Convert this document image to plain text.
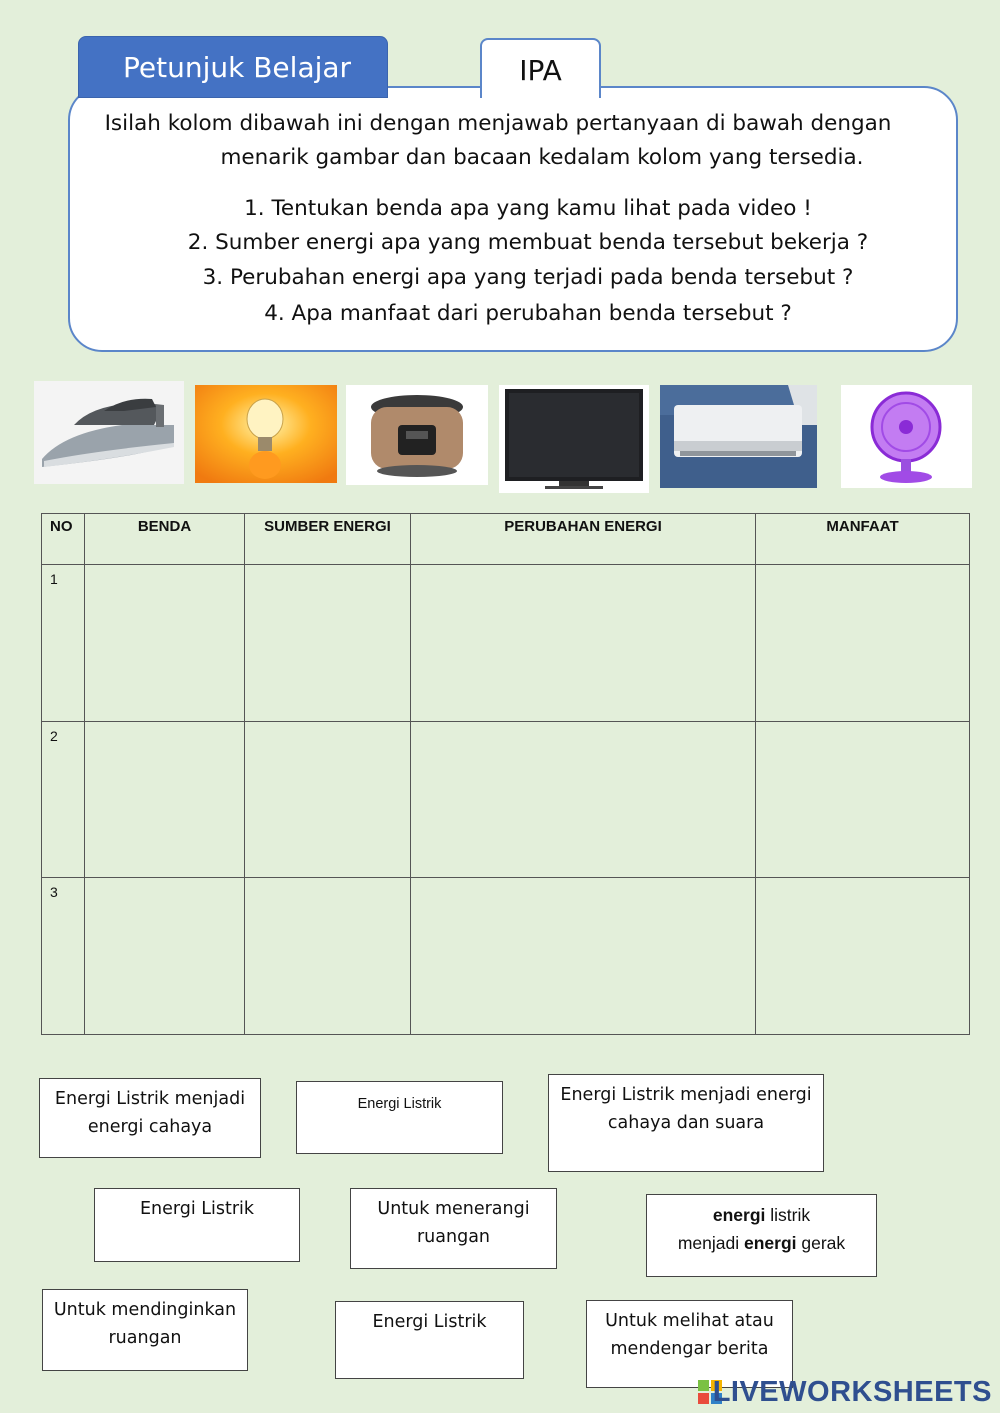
Petunjuk Belajar	IPA
Isilah kolom dibawah ini dengan menjawab pertanyaan di bawah dengan
menarik gambar dan bacaan kedalam kolom yang tersedia.
1. Tentukan benda apa yang kamu lihat pada video !
2. Sumber energi apa yang membuat benda tersebut bekerja ?
3. Perubahan energi apa yang terjadi pada benda tersebut ?
4. Apa manfaat dari perubahan benda tersebut ?
NO	BENDA	SUMBER ENERGI	PERUBAHAN ENERGI	MANFAAT
1				
2				
3				
Energi Listrik menjadi
energi cahaya
Energi Listrik	Energi Listrik menjadi energi
cahaya dan suara
Energi Listrik	Untuk menerangi
ruangan
energi listrik
menjadi energi gerak
Untuk mendinginkan
ruangan
Energi Listrik	Untuk melihat atau
mendengar berita
LIVEWORKSHEETS
